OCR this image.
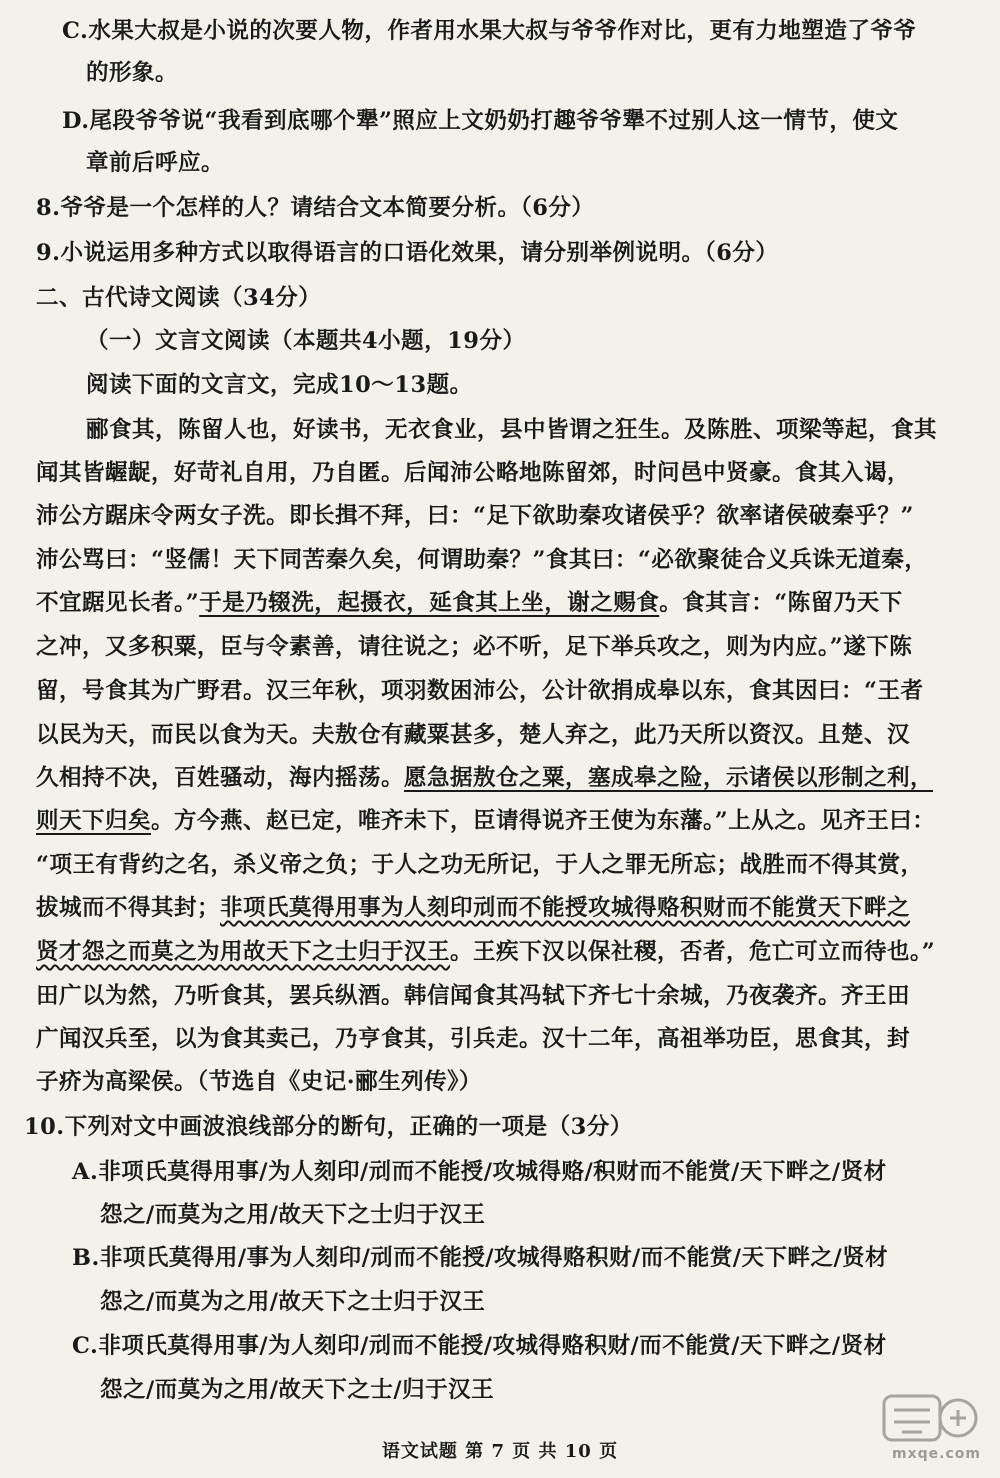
C.水果大叔是小说的次要人物，作者用水果大叔与爷爷作对比，更有力地塑造了爷爷
的形象。
D.尾段爷爷说“我看到底哪个犟”照应上文奶奶打趣爷爷犟不过别人这一情节，使文
章前后呼应。
8.爷爷是一个怎样的人？请结合文本简要分析。（6分）
9.小说运用多种方式以取得语言的口语化效果，请分别举例说明。（6分）
二、古代诗文阅读（34分）
（一）文言文阅读（本题共4小题，19分）
阅读下面的文言文，完成10～13题。
郦食其，陈留人也，好读书，无衣食业，县中皆谓之狂生。及陈胜、项梁等起，食其
闻其皆龌龊，好苛礼自用，乃自匿。后闻沛公略地陈留郊，时问邑中贤豪。食其入谒，
沛公方踞床令两女子洗。即长揖不拜，曰：“足下欲助秦攻诸侯乎？欲率诸侯破秦乎？”
沛公骂曰：“竖儒！天下同苦秦久矣，何谓助秦？”食其曰：“必欲聚徒合义兵诛无道秦，
不宜踞见长者。”于是乃辍洗，起摄衣，延食其上坐，谢之赐食。食其言：“陈留乃天下
之冲，又多积粟，臣与令素善，请往说之；必不听，足下举兵攻之，则为内应。”遂下陈
留，号食其为广野君。汉三年秋，项羽数困沛公，公计欲捐成皋以东，食其因曰：“王者
以民为天，而民以食为天。夫敖仓有藏粟甚多，楚人弃之，此乃天所以资汉。且楚、汉
久相持不决，百姓骚动，海内摇荡。愿急据敖仓之粟，塞成皋之险，示诸侯以形制之利，
则天下归矣。方今燕、赵已定，唯齐未下，臣请得说齐王使为东藩。”上从之。见齐王曰：
“项王有背约之名，杀义帝之负；于人之功无所记，于人之罪无所忘；战胜而不得其赏，
拔城而不得其封；非项氏莫得用事为人刻印刓而不能授攻城得赂积财而不能赏天下畔之
贤才怨之而莫之为用故天下之士归于汉王。王疾下汉以保社稷，否者，危亡可立而待也。”
田广以为然，乃听食其，罢兵纵酒。韩信闻食其冯轼下齐七十余城，乃夜袭齐。齐王田
广闻汉兵至，以为食其卖己，乃亨食其，引兵走。汉十二年，高祖举功臣，思食其，封
子疥为高梁侯。（节选自《史记·郦生列传》）
10.下列对文中画波浪线部分的断句，正确的一项是（3分）
A.非项氏莫得用事/为人刻印/刓而不能授/攻城得赂/积财而不能赏/天下畔之/贤材
怨之/而莫为之用/故天下之士归于汉王
B.非项氏莫得用/事为人刻印/刓而不能授/攻城得赂积财/而不能赏/天下畔之/贤材
怨之/而莫为之用/故天下之士归于汉王
C.非项氏莫得用事/为人刻印/刓而不能授/攻城得赂积财/而不能赏/天下畔之/贤材
怨之/而莫为之用/故天下之士/归于汉王
语文试题 第 7 页 共 10 页	mxqe.com
